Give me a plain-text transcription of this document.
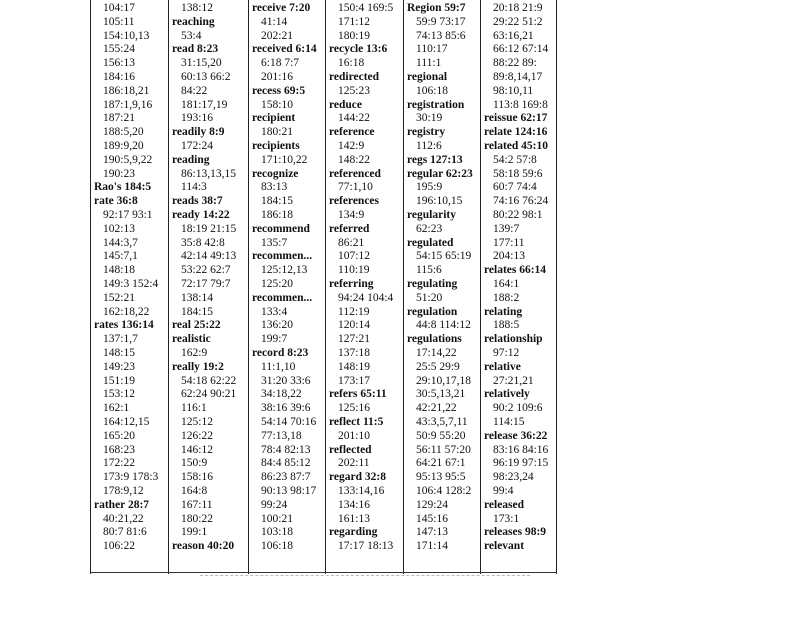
104:17
105:11
154:10,13
155:24
156:13
184:16
186:18,21
187:1,9,16
187:21
188:5,20
189:9,20
190:5,9,22
190:23
Rao's 184:5
rate 36:8
92:17 93:1
102:13
144:3,7
145:7,1
148:18
149:3 152:4
152:21
162:18,22
rates 136:14
137:1,7
148:15
149:23
151:19
153:12
162:1
164:12,15
165:20
168:23
172:22
173:9 178:3
178:9,12
rather 28:7
40:21,22
80:7 81:6
106:22
138:12
reaching
53:4
read 8:23
31:15,20
60:13 66:2
84:22
181:17,19
193:16
readily 8:9
172:24
reading
86:13,13,15
114:3
reads 38:7
ready 14:22
18:19 21:15
35:8 42:8
42:14 49:13
53:22 62:7
72:17 79:7
138:14
184:15
real 25:22
realistic
162:9
really 19:2
54:18 62:22
62:24 90:21
116:1
125:12
126:22
146:12
150:9
158:16
164:8
167:11
180:22
199:1
reason 40:20
receive 7:20
41:14
202:21
received 6:14
6:18 7:7
201:16
recess 69:5
158:10
recipient
180:21
recipients
171:10,22
recognize
83:13
184:15
186:18
recommend
135:7
recommen...
125:12,13
125:20
recommen...
133:4
136:20
199:7
record 8:23
11:1,10
31:20 33:6
34:18,22
38:16 39:6
54:14 70:16
77:13,18
78:4 82:13
84:4 85:12
86:23 87:7
90:13 98:17
99:24
100:21
103:18
106:18
150:4 169:5
171:12
180:19
recycle 13:6
16:18
redirected
125:23
reduce
144:22
reference
142:9
148:22
referenced
77:1,10
references
134:9
referred
86:21
107:12
110:19
referring
94:24 104:4
112:19
120:14
127:21
137:18
148:19
173:17
refers 65:11
125:16
reflect 11:5
201:10
reflected
202:11
regard 32:8
133:14,16
134:16
161:13
regarding
17:17 18:13
Region 59:7
59:9 73:17
74:13 85:6
110:17
111:1
regional
106:18
registration
30:19
registry
112:6
regs 127:13
regular 62:23
195:9
196:10,15
regularity
62:23
regulated
54:15 65:19
115:6
regulating
51:20
regulation
44:8 114:12
regulations
17:14,22
25:5 29:9
29:10,17,18
30:5,13,21
42:21,22
43:3,5,7,11
50:9 55:20
56:11 57:20
64:21 67:1
95:13 95:5
106:4 128:2
129:24
145:16
147:13
171:14
20:18 21:9
29:22 51:2
63:16,21
66:12 67:14
88:22 89:
89:8,14,17
98:10,11
113:8 169:8
reissue 62:17
relate 124:16
related 45:10
54:2 57:8
58:18 59:6
60:7 74:4
74:16 76:24
80:22 98:1
139:7
177:11
204:13
relates 66:14
164:1
188:2
relating
188:5
relationship
97:12
relative
27:21,21
relatively
90:2 109:6
114:15
release 36:22
83:16 84:16
96:19 97:15
98:23,24
99:4
released
173:1
releases 98:9
relevant
